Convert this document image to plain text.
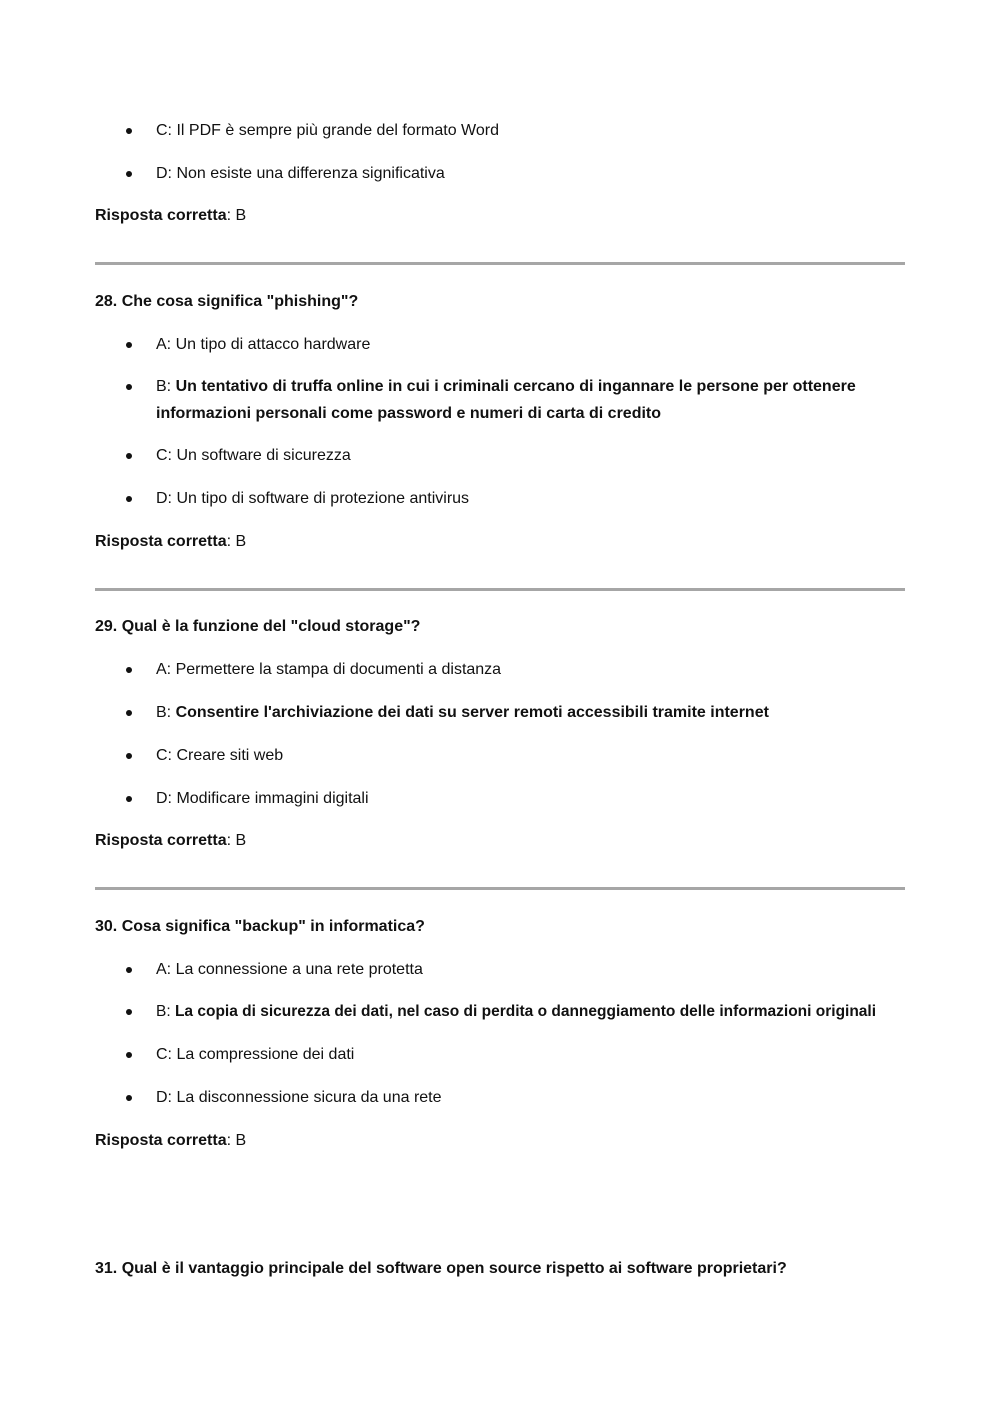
C: Il PDF è sempre più grande del formato Word

D: Non esiste una differenza significativa

Risposta corretta: B

28. Che cosa significa "phishing"?

A: Un tipo di attacco hardware

B: Un tentativo di truffa online in cui i criminali cercano di ingannare le persone per ottenere informazioni personali come password e numeri di carta di credito

C: Un software di sicurezza

D: Un tipo di software di protezione antivirus

Risposta corretta: B

29. Qual è la funzione del "cloud storage"?

A: Permettere la stampa di documenti a distanza

B: Consentire l'archiviazione dei dati su server remoti accessibili tramite internet

C: Creare siti web

D: Modificare immagini digitali

Risposta corretta: B

30. Cosa significa "backup" in informatica?

A: La connessione a una rete protetta

B: La copia di sicurezza dei dati, nel caso di perdita o danneggiamento delle informazioni originali

C: La compressione dei dati

D: La disconnessione sicura da una rete

Risposta corretta: B

31. Qual è il vantaggio principale del software open source rispetto ai software proprietari?
